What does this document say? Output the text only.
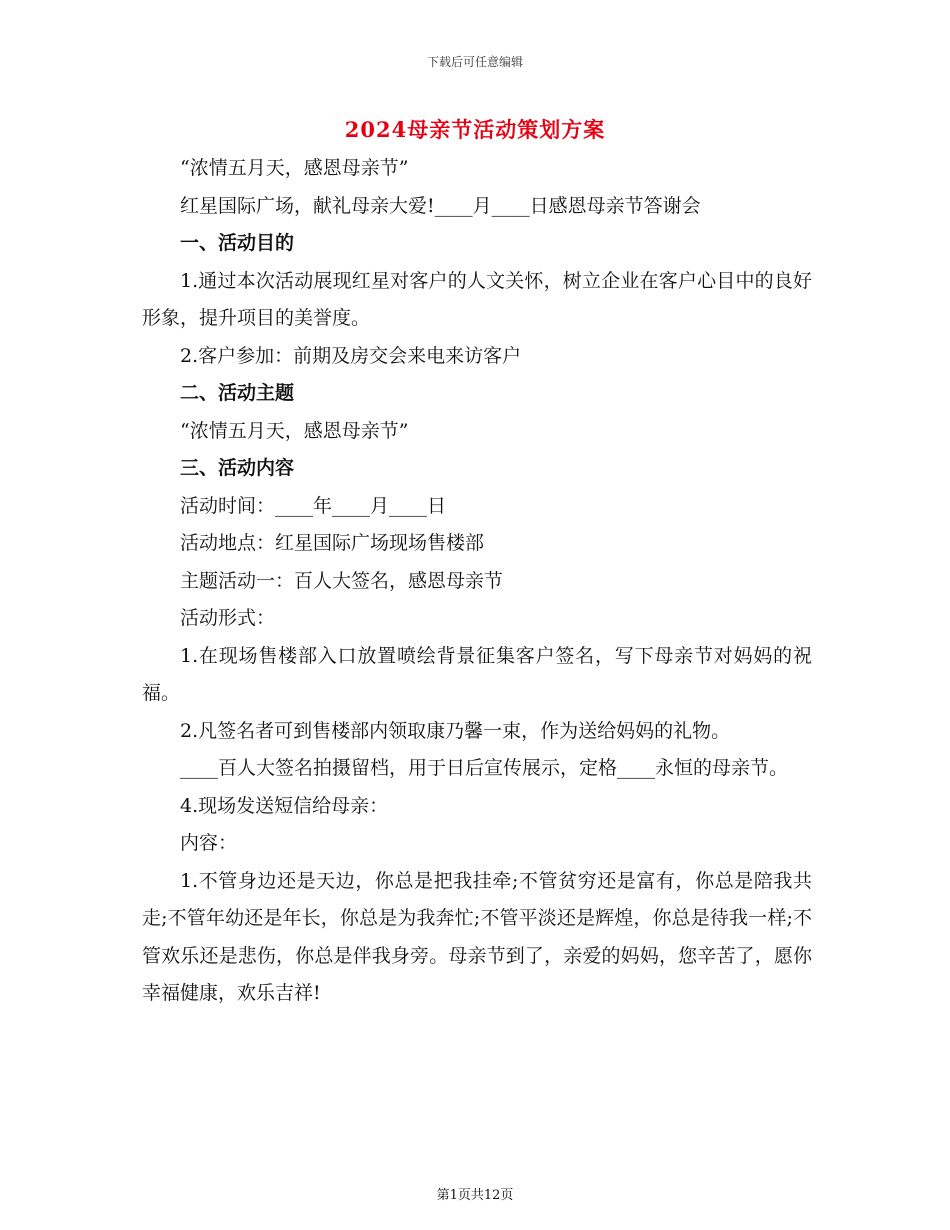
下载后可任意编辑
2024母亲节活动策划方案

“浓情五月天，感恩母亲节”

红星国际广场，献礼母亲大爱!____月____日感恩母亲节答谢会

一、活动目的

1.通过本次活动展现红星对客户的人文关怀，树立企业在客户心目中的良好形象，提升项目的美誉度。

2.客户参加：前期及房交会来电来访客户

二、活动主题

“浓情五月天，感恩母亲节”

三、活动内容

活动时间：____年____月____日

活动地点：红星国际广场现场售楼部

主题活动一：百人大签名，感恩母亲节

活动形式：

1.在现场售楼部入口放置喷绘背景征集客户签名，写下母亲节对妈妈的祝福。

2.凡签名者可到售楼部内领取康乃馨一束，作为送给妈妈的礼物。

____百人大签名拍摄留档，用于日后宣传展示，定格____永恒的母亲节。

4.现场发送短信给母亲：

内容：

1.不管身边还是天边，你总是把我挂牵;不管贫穷还是富有，你总是陪我共走;不管年幼还是年长，你总是为我奔忙;不管平淡还是辉煌，你总是待我一样;不管欢乐还是悲伤，你总是伴我身旁。母亲节到了，亲爱的妈妈，您辛苦了，愿你幸福健康，欢乐吉祥!

第1页共12页
